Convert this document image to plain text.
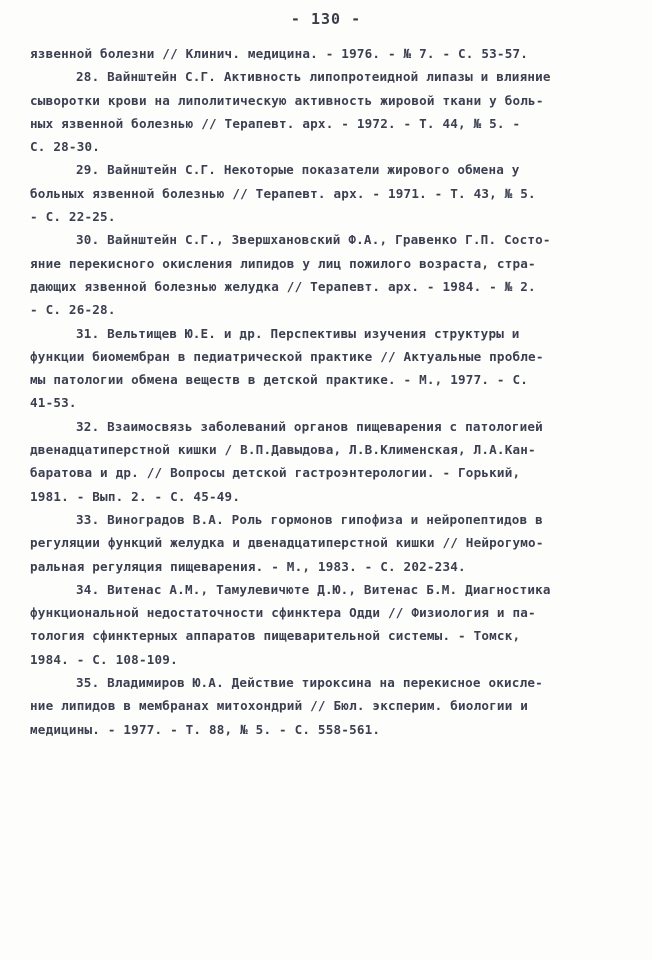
- 130 -
язвенной болезни // Клинич. медицина. - 1976. - № 7. - С. 53-57.
28. Вайнштейн С.Г. Активность липопротеидной липазы и влияние
сыворотки крови на липолитическую активность жировой ткани у боль-
ных язвенной болезнью // Терапевт. арх. - 1972. - Т. 44, № 5. -
С. 28-30.
29. Вайнштейн С.Г. Некоторые показатели жирового обмена у
больных язвенной болезнью // Терапевт. арх. - 1971. - Т. 43, № 5.
- С. 22-25.
30. Вайнштейн С.Г., Звершхановский Ф.А., Гравенко Г.П. Состо-
яние перекисного окисления липидов у лиц пожилого возраста, стра-
дающих язвенной болезнью желудка // Терапевт. арх. - 1984. - № 2.
- С. 26-28.
31. Вельтищев Ю.Е. и др. Перспективы изучения структуры и
функции биомембран в педиатрической практике // Актуальные пробле-
мы патологии обмена веществ в детской практике. - М., 1977. - С.
41-53.
32. Взаимосвязь заболеваний органов пищеварения с патологией
двенадцатиперстной кишки / В.П.Давыдова, Л.В.Клименская, Л.А.Кан-
баратова и др. // Вопросы детской гастроэнтерологии. - Горький,
1981. - Вып. 2. - С. 45-49.
33. Виноградов В.А. Роль гормонов гипофиза и нейропептидов в
регуляции функций желудка и двенадцатиперстной кишки // Нейрогумо-
ральная регуляция пищеварения. - М., 1983. - С. 202-234.
34. Витенас А.М., Тамулевичюте Д.Ю., Витенас Б.М. Диагностика
функциональной недостаточности сфинктера Одди // Физиология и па-
тология сфинктерных аппаратов пищеварительной системы. - Томск,
1984. - С. 108-109.
35. Владимиров Ю.А. Действие тироксина на перекисное окисле-
ние липидов в мембранах митохондрий // Бюл. эксперим. биологии и
медицины. - 1977. - Т. 88, № 5. - С. 558-561.
